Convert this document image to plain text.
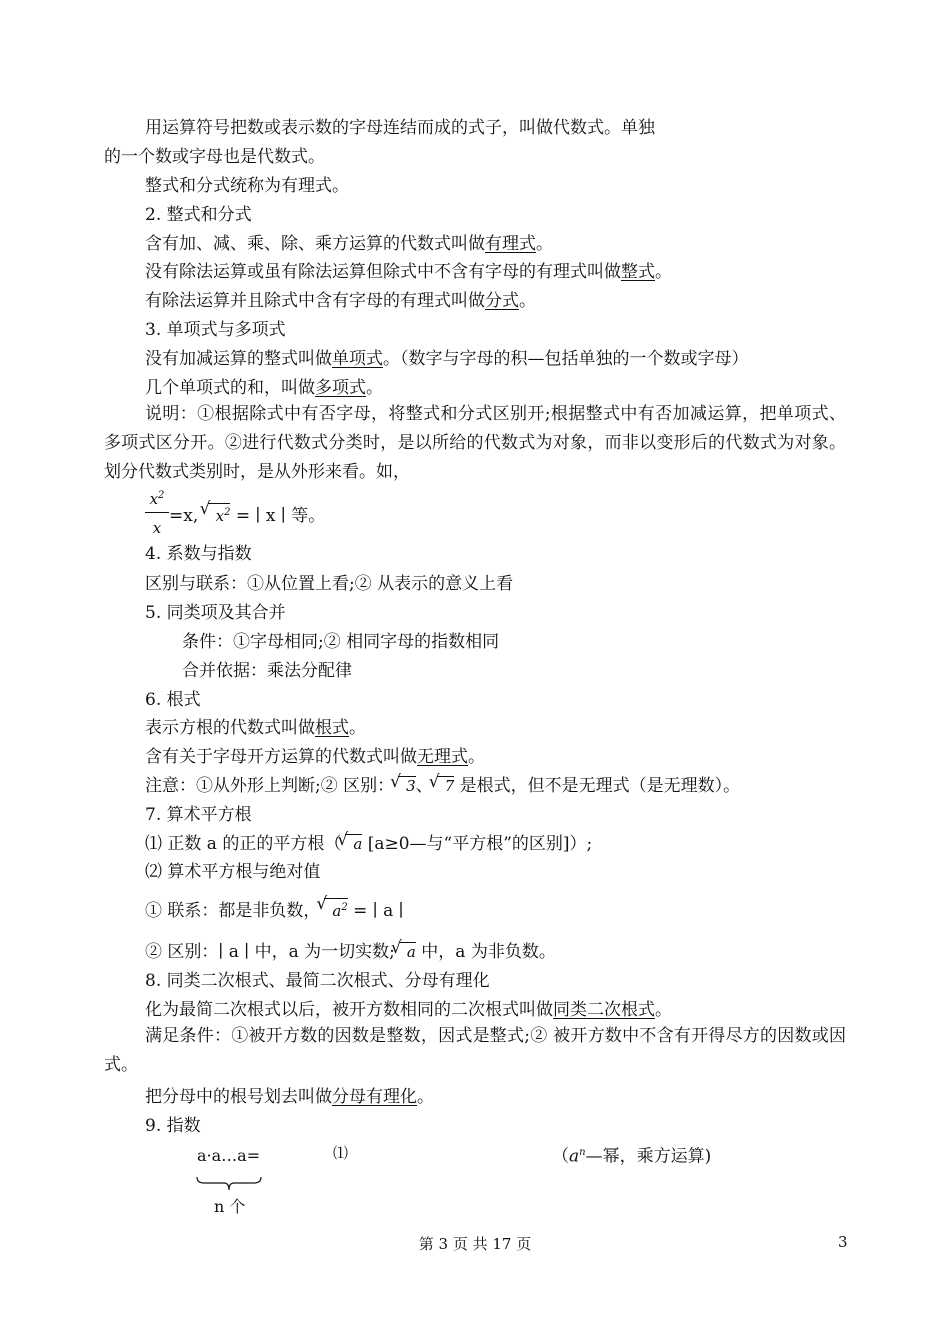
用运算符号把数或表示数的字母连结而成的式子，叫做代数式。单独
的一个数或字母也是代数式。
整式和分式统称为有理式。
2. 整式和分式
含有加、减、乘、除、乘方运算的代数式叫做有理式。
没有除法运算或虽有除法运算但除式中不含有字母的有理式叫做整式。
有除法运算并且除式中含有字母的有理式叫做分式。
3. 单项式与多项式
没有加减运算的整式叫做单项式。（数字与字母的积—包括单独的一个数或字母）
几个单项式的和，叫做多项式。
说明：①根据除式中有否字母，将整式和分式区别开;根据整式中有否加减运算，把单项式、多项式区分开。②进行代数式分类时，是以所给的代数式为对象，而非以变形后的代数式为对象。划分代数式类别时，是从外形来看。如，
$\frac{x^2}{x} =x$, √ $x^2$ = ∣ x ∣ 等。
4. 系数与指数
区别与联系：①从位置上看;② 从表示的意义上看
5. 同类项及其合并
条件：①字母相同;② 相同字母的指数相同
合并依据：乘法分配律
6. 根式
表示方根的代数式叫做根式。
含有关于字母开方运算的代数式叫做无理式。
注意：①从外形上判断;② 区别： √ 3、 √ 7 是根式，但不是无理式（是无理数）。
7. 算术平方根
⑴ 正数 a 的正的平方根（ √ a [a≥0—与“平方根”的区别]）;
⑵ 算术平方根与绝对值
① 联系：都是非负数， √ $a^2$ = ∣ a ∣
② 区别：∣ a ∣ 中，a 为一切实数; √ a 中，a 为非负数。
8. 同类二次根式、最简二次根式、分母有理化
化为最简二次根式以后，被开方数相同的二次根式叫做同类二次根式。
满足条件：①被开方数的因数是整数，因式是整式;② 被开方数中不含有开得尽方的因数或因式。
把分母中的根号划去叫做分母有理化。
9. 指数
a·a…a=	⑴	（$a^n—$幂，乘方运算)
n 个
第 3 页 共 17 页	3
